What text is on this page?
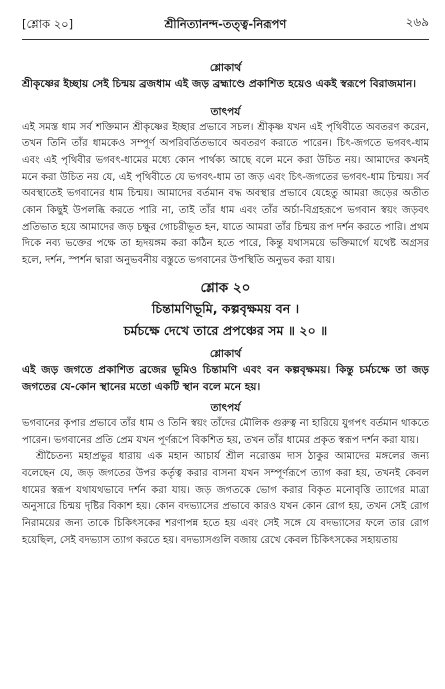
[শ্লোক ২০]	শ্রীনিত্যানন্দ-তত্ত্ব-নিরূপণ	২৬৯

শ্লোকার্থ

শ্রীকৃষ্ণের ইচ্ছায় সেই চিন্ময় ব্রজধাম এই জড় ব্রহ্মাণ্ডে প্রকাশিত হয়েও একই স্বরূপে বিরাজমান।

তাৎপর্য

এই সমস্ত ধাম সর্ব শক্তিমান শ্রীকৃষ্ণের ইচ্ছার প্রভাবে সচল। শ্রীকৃষ্ণ যখন এই পৃথিবীতে অবতরণ করেন, তখন তিনি তাঁর ধামকেও সম্পূর্ণ অপরিবর্তিতভাবে অবতরণ করাতে পারেন। চিৎ-জগতে ভগবৎ-ধাম এবং এই পৃথিবীর ভগবৎ-ধামের মধ্যে কোন পার্থক্য আছে বলে মনে করা উচিত নয়। আমাদের কখনই মনে করা উচিত নয় যে, এই পৃথিবীতে যে ভগবৎ-ধাম তা জড় এবং চিৎ-জগতের ভগবৎ-ধাম চিন্ময়। সর্ব অবস্থাতেই ভগবানের ধাম চিন্ময়। আমাদের বর্তমান বদ্ধ অবস্থার প্রভাবে যেহেতু আমরা জড়ের অতীত কোন কিছুই উপলব্ধি করতে পারি না, তাই তাঁর ধাম এবং তাঁর অর্চা-বিগ্রহরূপে ভগবান স্বয়ং জড়বৎ প্রতিভাত হয়ে আমাদের জড় চক্ষুর গোচরীভূত হন, যাতে আমরা তাঁর চিন্ময় রূপ দর্শন করতে পারি। প্রথম দিকে নব্য ভক্তের পক্ষে তা হৃদয়ঙ্গম করা কঠিন হতে পারে, কিন্তু যথাসময়ে ভক্তিমার্গে যথেষ্ট অগ্রসর হলে, দর্শন, স্পর্শন দ্বারা অনুভবনীয় বস্তুতে ভগবানের উপস্থিতি অনুভব করা যায়।

শ্লোক ২০

চিন্তামণিভূমি, কল্পবৃক্ষময় বন ।

চর্মচক্ষে দেখে তারে প্রপঞ্চের সম ॥ ২০ ॥

শ্লোকার্থ

এই জড় জগতে প্রকাশিত ব্রজের ভূমিও চিন্তামণি এবং বন কল্পবৃক্ষময়। কিন্তু চর্মচক্ষে তা জড় জগতের যে-কোন স্থানের মতো একটি স্থান বলে মনে হয়।

তাৎপর্য

ভগবানের কৃপার প্রভাবে তাঁর ধাম ও তিনি স্বয়ং তাঁদের মৌলিক গুরুত্ব না হারিয়ে যুগপৎ বর্তমান থাকতে পারেন। ভগবানের প্রতি প্রেম যখন পূর্ণরূপে বিকশিত হয়, তখন তাঁর ধামের প্রকৃত স্বরূপ দর্শন করা যায়।

শ্রীচৈতন্য মহাপ্রভুর ধারায় এক মহান আচার্য শ্রীল নরোত্তম দাস ঠাকুর আমাদের মঙ্গলের জন্য বলেছেন যে, জড় জগতের উপর কর্তৃত্ব করার বাসনা যখন সম্পূর্ণরূপে ত্যাগ করা হয়, তখনই কেবল ধামের স্বরূপ যথাযথভাবে দর্শন করা যায়। জড় জগতকে ভোগ করার বিকৃত মনোবৃত্তি ত্যাগের মাত্রা অনুসারে চিন্ময় দৃষ্টির বিকাশ হয়। কোন বদভ্যাসের প্রভাবে কারও যখন কোন রোগ হয়, তখন সেই রোগ নিরাময়ের জন্য তাকে চিকিৎসকের শরণাপন্ন হতে হয় এবং সেই সঙ্গে যে বদভ্যাসের ফলে তার রোগ হয়েছিল, সেই বদভ্যাস ত্যাগ করতে হয়। বদভ্যাসগুলি বজায় রেখে কেবল চিকিৎসকের সহায়তায়
